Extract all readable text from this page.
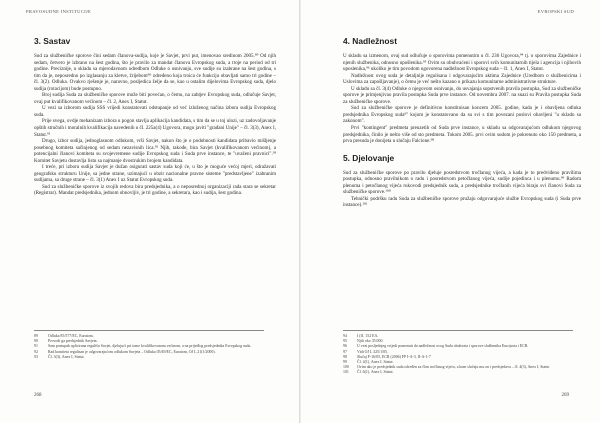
PRAVOSUDNE INSTITUCIJE
3. Sastav

Sud za službeničke sporove čini sedam članova-sudija, koje je Savjet, prvi put, imenovao sredinom 2005.⁸⁹ Od njih sedam, četvero je izbrano na šest godina, što je pravilo za mandat članova Evropskog suda, a troje na period od tri godine. Precizniје, u skladu sa mjerodavnom odredbom Odluke o osnivanju, sve sudije su izabrane na šest godina, s tim da je, neposredno po izglasanju za kletve, žrijebom⁹⁰ određeno koja troica će funkciju obavljati samo tri godine – čl. 3(2). Odluka. Ovakvo rješenje je, naravno, posljedica želje da se, kao u ostalim dijelovima Evropskog suda, djelo sudija (rotacijom) bude postupno.

Broj sudija Suda za službeničke sporove može biti povećan, o čemu, na zahtjev Evropskog suda, odlučuje Savjet, ovaj put kvalifikovanom većinom – čl. 2, Anex I, Statut.

U vezi sa izborom sudija SSS vrijedi konstatovati odstupanje od već izloženog načina izbora sudija Evropskog suda.

Prije svega, ovdje mehanizam izbora u pogon stavlja aplikacija kandidata, s tim da se u toj ulozi, uz zadovoljavanje opštih stručnih i moralnih kvalifikacija navedenih u čl. 225a(4) Ugovora, mogu javiti "građani Unije" – čl. 3(3), Anex I, Statut.⁹¹

Drugo, izbor sudija, jednoglasnom odlukom, vrši Savjet, nakon što je o podobnosti kandidata pribavio mišljenje posebnog komiteta sačinjenog od sedam nezavisnih lica.⁹² Njih, takođe, bira Savjet (kvalifikovanom većinom), a potencijalni članovi komiteta su svojevremene sudije Evropskog suda i Suda prve instance, te "uvaženi pravnici".⁹³ Komitet Savjetu dostavlja listu sa najmanje dvostrukim brojem kandidata.

I treće, pri izboru sudija Savjet je dužan osigurati sastav suda koji će, u što je moguće većoj mjeri, odražavati geografsku strukturu Unije, sa jedne strane, uzimajući u obzir nacionalne pravne sisteme "predstavljene" izabranim sudijama, sa druge strane – čl. 3(1) Anex I uz Statut Evropskog suda.

Sud za službeničke sporove iz svojih redova bira predsjednika, a o neposrednoj organizaciji rada stara se sekretar (Registrar). Mandat predsjednika, jednom obnovljiv, je tri godine, a sekretara, kao i sudija, šest godina.

89	Odluka 85/577/EC, Euratom.
90	Provodi ga predsjednik Savjeta.
91	Sam postupak aplicirana regulišu Savjet, djelujući pri tome kvalifikovanom većinom, a na prijedlog predsjednika Evropskog suda.
92	Rad komiteta regulisan je odgovarajućom odlukom Savjeta – Odluka 05/49/EC, Euratom, OJ L 21(1/2000).
93	Čl. 3(3), Anex I, Statut.
268
EVROPSKI SUD
4. Nadležnost

U skladu sa izmenom, ovaj sud odlučuje o sporovima pomenutim u čl. 236 Ugovora,⁹⁴ tj. o sporovima Zajednice i njenih službenika, odnosno upošlenika.⁹⁵ Ovim su obuhvaćeni i sporovi svih komunitarnih tijela i agencija i njihovih uposlenika,⁹⁶ ukoliko je tim povodom ugovorena nadležnost Evropskog suda – čl. 1, Anex I, Statut.

Nadležnost ovog suda je detaljnije regulisana i odgovarajućim aktima Zajednice (Uredbom o službenicima i Uslovima za zapošljavanje), o čemu je već nešto kazano u prikazu komunitarne administrativne strukture.

U skladu sa čl. 3(4) Odluke o njegovom osnivanju, do usvajanja sopstvenih pravila postupka, Sud za službeničke sporove je primjenjivao pravila postupka Suda prve instance. Od novembra 2007. na snazi su Pravila postupka Suda za službeničke sporove.

Sud za službeničke sporove je definitivno konstituisan koncem 2005. godine, kada je i obavljena odluka predsjednika Evropskog suda⁹⁷ kojom je konstatovano da su svi s tim povezani poslovi obavljeni "u skladu sa zakonom".

Prvi "kontingent" predmeta preuzetih od Suda prve instance, u skladu sa odgovarajućom odlukom njegovog predsjednika, činilo je nešto više od sto predmeta. Tokom 2005. prvi ovim sudom je pokrenuto oko 150 predmeta, a prva presuda je donijeta u slučaju Falcione.⁹⁸

5. Djelovanje

Sud za službeničke sporove po pravilu djeluje posredstvom tročlanog vijeća, a kada je to predviđeno pravilima postupka, odnosno pravilnikom o radu i posredstvom petočlanog vijeća, sudije pojedinca i u plenumu.⁹⁹ Radom plenuma i petočlanog vijeća rukovodi predsjednik suda, a predsjednike tročlanih vijeća biraju svi članovi Suda za službeničke sporove.¹⁰⁰

Tehnički podršku radu Suda za službeničke sporove pružaju odgovarajuće službe Evropskog suda (i Suda prve instance).¹⁰¹

94	I (čl. 152 EA.
95	Njih oko 35.000.
96	U vezi posljednjeg vrijedi pomenuti da nadležnost ovog Suda obuhvata i sporove službenika Eurojusta i ECB.
97	Vidi OJ L 325/1/05.
98	Slučaj F-16/05, ECR (2006) FP I-A-3, II-A-1-7
99	Čl. 4(1), Anex I, Statut.
100	Ovim ako je predsjednik suda određen za član tročlanog vijeća, a kom slučaju mu on i predsjedava – čl. 4(3), Anex I, Statut
101	Čl. 6(1), Anex I, Statut.
269
